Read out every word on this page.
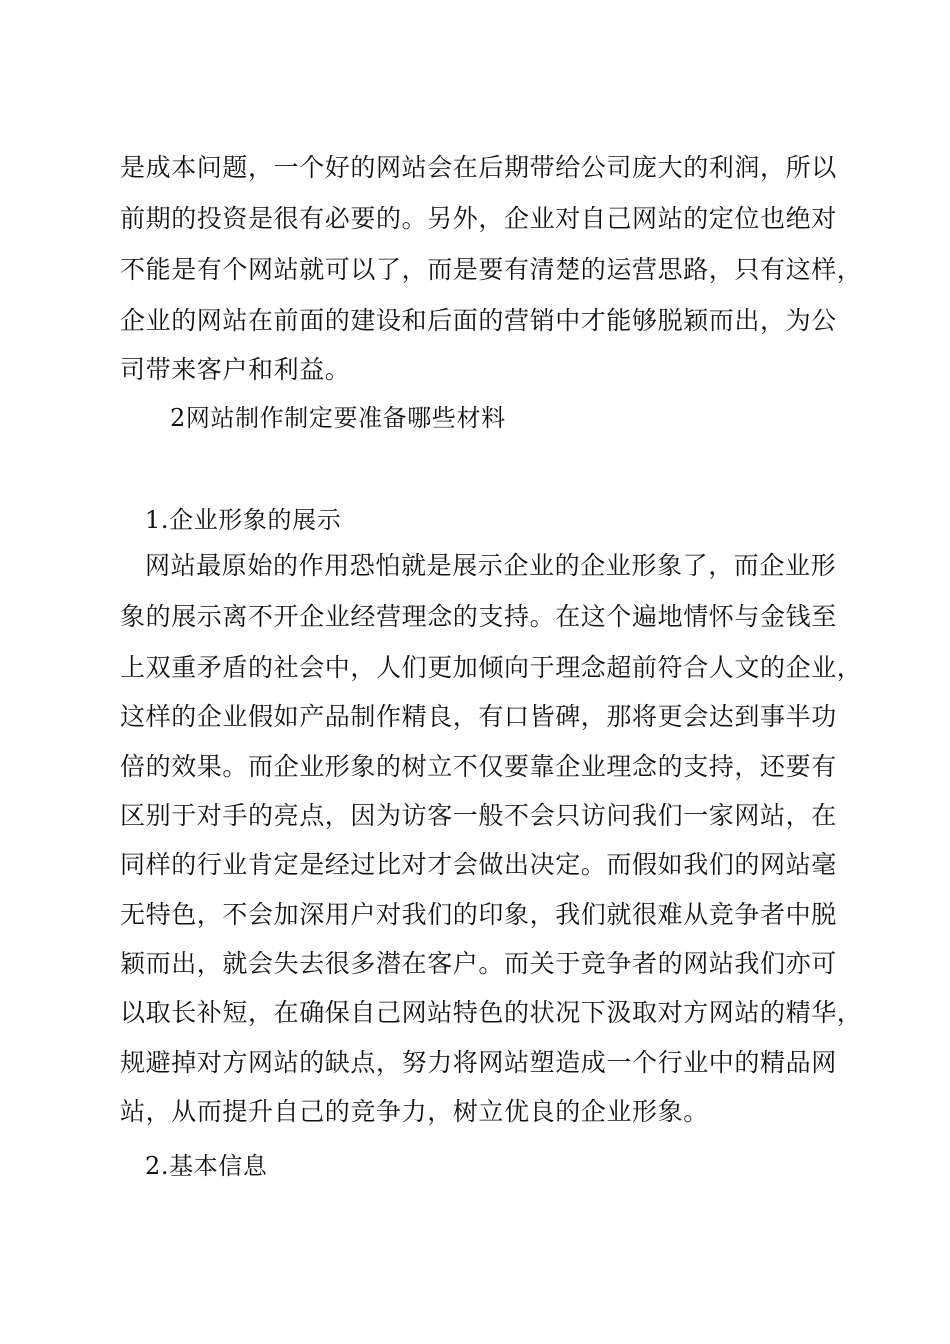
是成本问题，一个好的网站会在后期带给公司庞大的利润，所以
前期的投资是很有必要的。另外，企业对自己网站的定位也绝对
不能是有个网站就可以了，而是要有清楚的运营思路，只有这样，
企业的网站在前面的建设和后面的营销中才能够脱颖而出，为公
司带来客户和利益。
2网站制作制定要准备哪些材料
1.企业形象的展示
网站最原始的作用恐怕就是展示企业的企业形象了，而企业形
象的展示离不开企业经营理念的支持。在这个遍地情怀与金钱至
上双重矛盾的社会中，人们更加倾向于理念超前符合人文的企业，
这样的企业假如产品制作精良，有口皆碑，那将更会达到事半功
倍的效果。而企业形象的树立不仅要靠企业理念的支持，还要有
区别于对手的亮点，因为访客一般不会只访问我们一家网站，在
同样的行业肯定是经过比对才会做出决定。而假如我们的网站毫
无特色，不会加深用户对我们的印象，我们就很难从竞争者中脱
颖而出，就会失去很多潜在客户。而关于竞争者的网站我们亦可
以取长补短，在确保自己网站特色的状况下汲取对方网站的精华，
规避掉对方网站的缺点，努力将网站塑造成一个行业中的精品网
站，从而提升自己的竞争力，树立优良的企业形象。
2.基本信息
